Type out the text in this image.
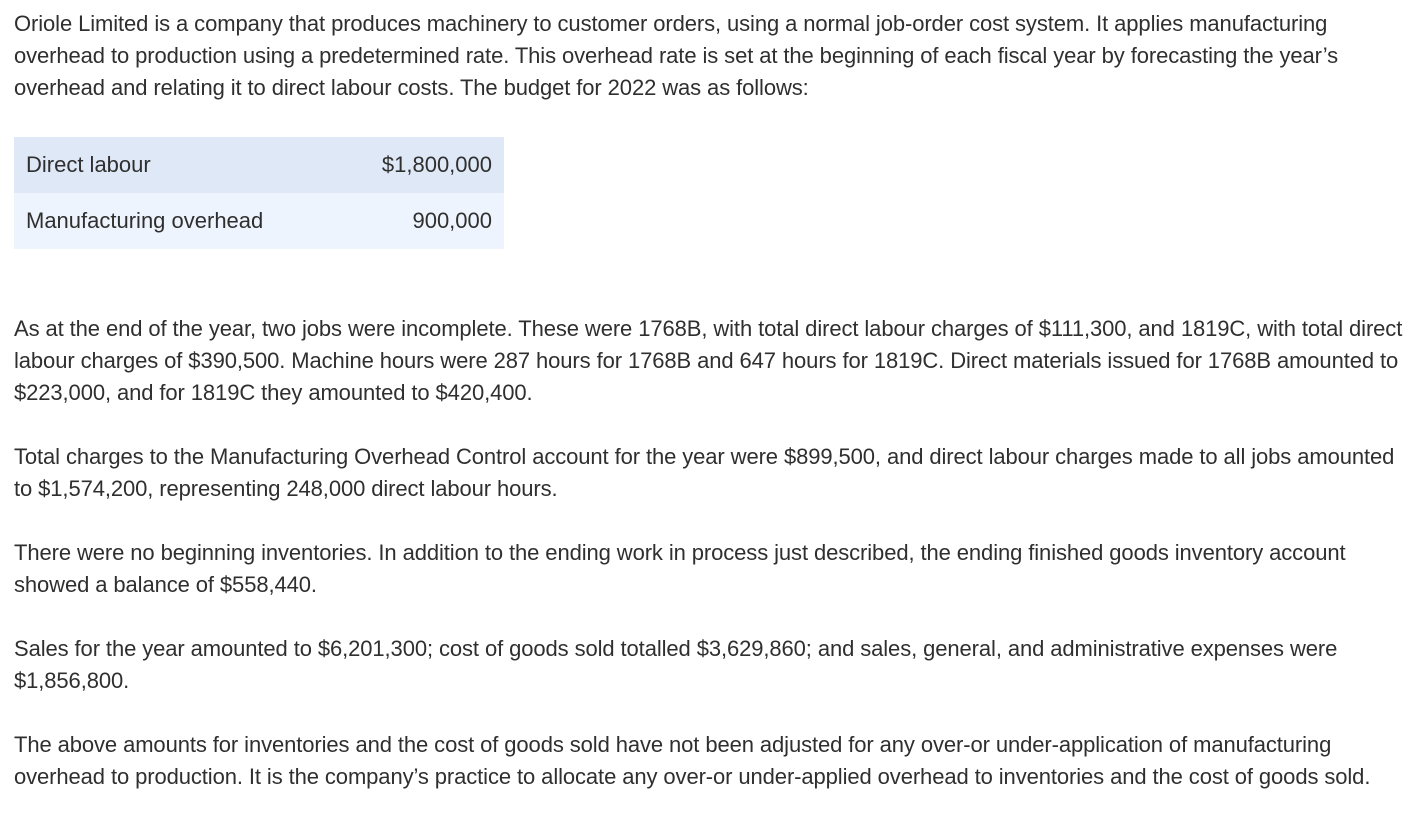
Oriole Limited is a company that produces machinery to customer orders, using a normal job-order cost system. It applies manufacturing overhead to production using a predetermined rate. This overhead rate is set at the beginning of each fiscal year by forecasting the year’s overhead and relating it to direct labour costs. The budget for 2022 was as follows:

Direct labour	$1,800,000
Manufacturing overhead	900,000

As at the end of the year, two jobs were incomplete. These were 1768B, with total direct labour charges of $111,300, and 1819C, with total direct labour charges of $390,500. Machine hours were 287 hours for 1768B and 647 hours for 1819C. Direct materials issued for 1768B amounted to $223,000, and for 1819C they amounted to $420,400.

Total charges to the Manufacturing Overhead Control account for the year were $899,500, and direct labour charges made to all jobs amounted to $1,574,200, representing 248,000 direct labour hours.

There were no beginning inventories. In addition to the ending work in process just described, the ending finished goods inventory account showed a balance of $558,440.

Sales for the year amounted to $6,201,300; cost of goods sold totalled $3,629,860; and sales, general, and administrative expenses were $1,856,800.

The above amounts for inventories and the cost of goods sold have not been adjusted for any over-or under-application of manufacturing overhead to production. It is the company’s practice to allocate any over-or under-applied overhead to inventories and the cost of goods sold.
